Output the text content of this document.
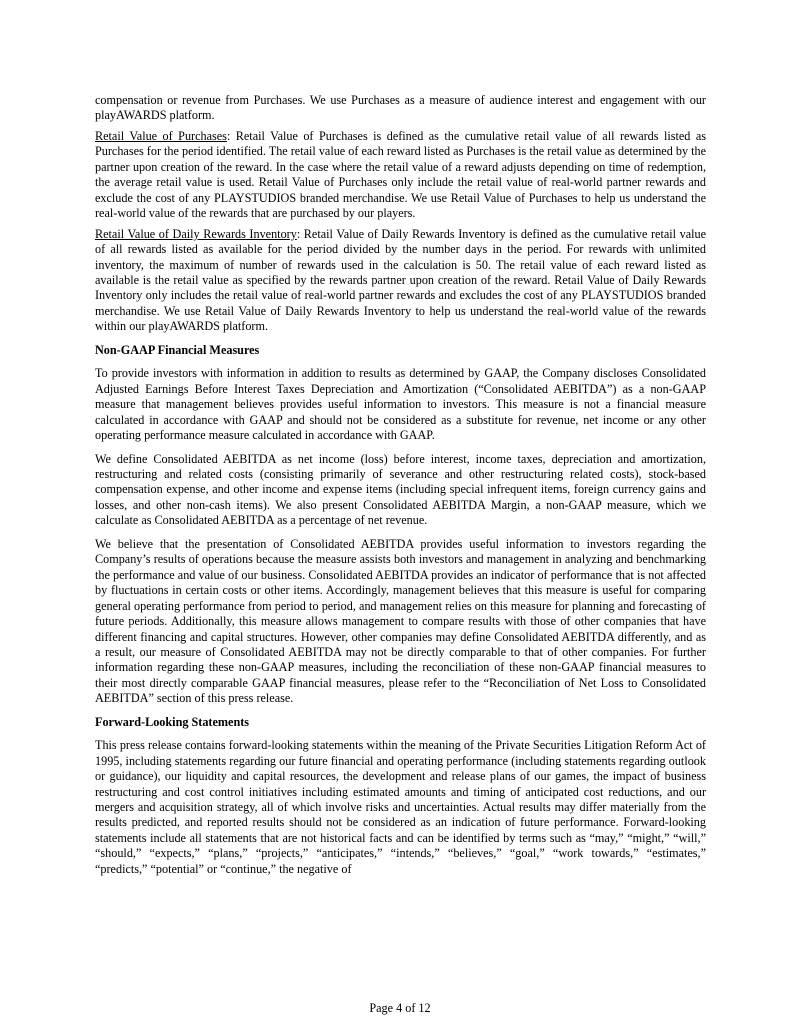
compensation or revenue from Purchases. We use Purchases as a measure of audience interest and engagement with our playAWARDS platform.

Retail Value of Purchases: Retail Value of Purchases is defined as the cumulative retail value of all rewards listed as Purchases for the period identified. The retail value of each reward listed as Purchases is the retail value as determined by the partner upon creation of the reward. In the case where the retail value of a reward adjusts depending on time of redemption, the average retail value is used. Retail Value of Purchases only include the retail value of real-world partner rewards and exclude the cost of any PLAYSTUDIOS branded merchandise. We use Retail Value of Purchases to help us understand the real-world value of the rewards that are purchased by our players.

Retail Value of Daily Rewards Inventory: Retail Value of Daily Rewards Inventory is defined as the cumulative retail value of all rewards listed as available for the period divided by the number days in the period. For rewards with unlimited inventory, the maximum of number of rewards used in the calculation is 50. The retail value of each reward listed as available is the retail value as specified by the rewards partner upon creation of the reward. Retail Value of Daily Rewards Inventory only includes the retail value of real-world partner rewards and excludes the cost of any PLAYSTUDIOS branded merchandise. We use Retail Value of Daily Rewards Inventory to help us understand the real-world value of the rewards within our playAWARDS platform.

Non-GAAP Financial Measures

To provide investors with information in addition to results as determined by GAAP, the Company discloses Consolidated Adjusted Earnings Before Interest Taxes Depreciation and Amortization (“Consolidated AEBITDA”) as a non-GAAP measure that management believes provides useful information to investors. This measure is not a financial measure calculated in accordance with GAAP and should not be considered as a substitute for revenue, net income or any other operating performance measure calculated in accordance with GAAP.

We define Consolidated AEBITDA as net income (loss) before interest, income taxes, depreciation and amortization, restructuring and related costs (consisting primarily of severance and other restructuring related costs), stock-based compensation expense, and other income and expense items (including special infrequent items, foreign currency gains and losses, and other non-cash items). We also present Consolidated AEBITDA Margin, a non-GAAP measure, which we calculate as Consolidated AEBITDA as a percentage of net revenue.

We believe that the presentation of Consolidated AEBITDA provides useful information to investors regarding the Company’s results of operations because the measure assists both investors and management in analyzing and benchmarking the performance and value of our business. Consolidated AEBITDA provides an indicator of performance that is not affected by fluctuations in certain costs or other items. Accordingly, management believes that this measure is useful for comparing general operating performance from period to period, and management relies on this measure for planning and forecasting of future periods. Additionally, this measure allows management to compare results with those of other companies that have different financing and capital structures. However, other companies may define Consolidated AEBITDA differently, and as a result, our measure of Consolidated AEBITDA may not be directly comparable to that of other companies. For further information regarding these non-GAAP measures, including the reconciliation of these non-GAAP financial measures to their most directly comparable GAAP financial measures, please refer to the “Reconciliation of Net Loss to Consolidated AEBITDA” section of this press release.

Forward-Looking Statements

This press release contains forward-looking statements within the meaning of the Private Securities Litigation Reform Act of 1995, including statements regarding our future financial and operating performance (including statements regarding outlook or guidance), our liquidity and capital resources, the development and release plans of our games, the impact of business restructuring and cost control initiatives including estimated amounts and timing of anticipated cost reductions, and our mergers and acquisition strategy, all of which involve risks and uncertainties. Actual results may differ materially from the results predicted, and reported results should not be considered as an indication of future performance. Forward-looking statements include all statements that are not historical facts and can be identified by terms such as “may,” “might,” “will,” “should,” “expects,” “plans,” “projects,” “anticipates,” “intends,” “believes,” “goal,” “work towards,” “estimates,” “predicts,” “potential” or “continue,” the negative of

Page 4 of 12
